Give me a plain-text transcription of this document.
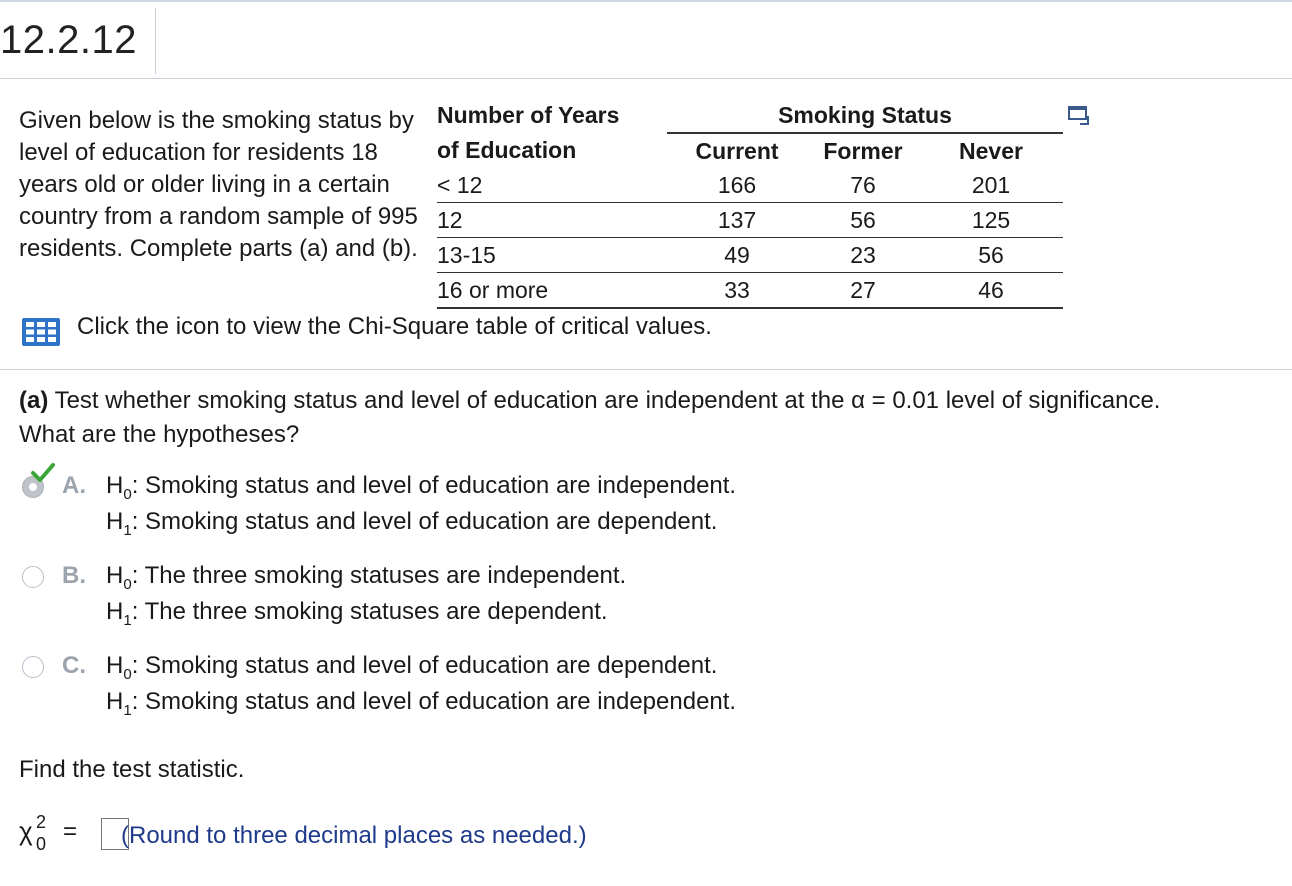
12.2.12
Given below is the smoking status by level of education for residents 18 years old or older living in a certain country from a random sample of 995 residents. Complete parts (a) and (b).
Number of Years	Smoking Status		
of Education	Current	Former	Never
< 12	166	76	201
12	137	56	125
13-15	49	23	56
16 or more	33	27	46
Click the icon to view the Chi-Square table of critical values.
(a) Test whether smoking status and level of education are independent at the α = 0.01 level of significance.
What are the hypotheses?
A. $H_0$: Smoking status and level of education are independent.
$H_1$: Smoking status and level of education are dependent.
B. $H_0$: The three smoking statuses are independent.
$H_1$: The three smoking statuses are dependent.
C. $H_0$: Smoking status and level of education are dependent.
$H_1$: Smoking status and level of education are independent.
Find the test statistic.
χ 2
0 = (Round to three decimal places as needed.)
